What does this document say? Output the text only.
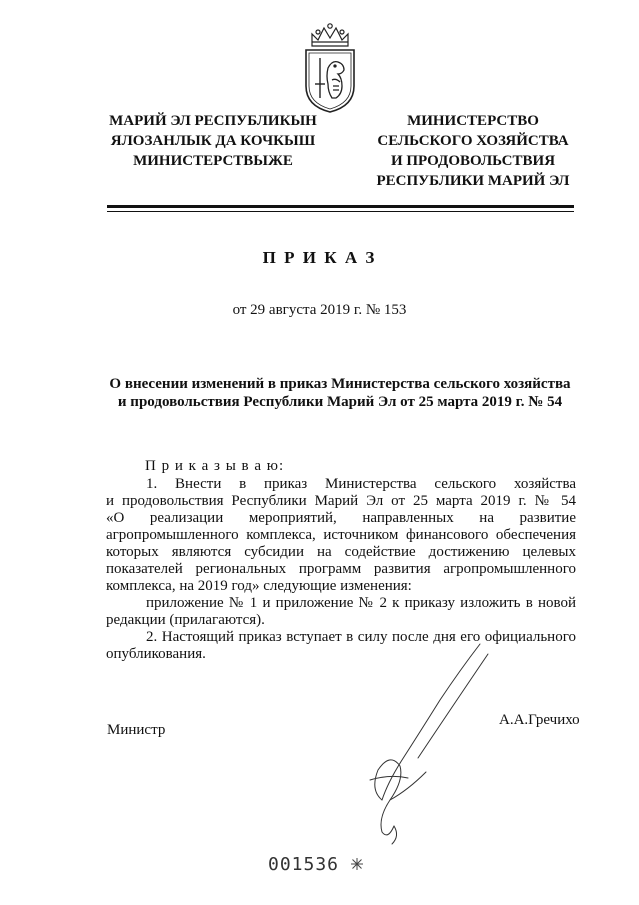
МАРИЙ ЭЛ РЕСПУБЛИКЫН
ЯЛОЗАНЛЫК ДА КОЧКЫШ
МИНИСТЕРСТВЫЖЕ
МИНИСТЕРСТВО
СЕЛЬСКОГО ХОЗЯЙСТВА
И ПРОДОВОЛЬСТВИЯ
РЕСПУБЛИКИ МАРИЙ ЭЛ
П Р И К А З
от 29 августа 2019 г. № 153
О внесении изменений в приказ Министерства сельского хозяйства
и продовольствия Республики Марий Эл от 25 марта 2019 г. № 54
П р и к а з ы в а ю:
1. Внести в приказ Министерства сельского хозяйства
и продовольствия Республики Марий Эл от 25 марта 2019 г. № 54
«О реализации мероприятий, направленных на развитие
агропромышленного комплекса, источником финансового обеспечения
которых являются субсидии на содействие достижению целевых
показателей региональных программ развития агропромышленного
комплекса, на 2019 год» следующие изменения:
приложение № 1 и приложение № 2 к приказу изложить в новой
редакции (прилагаются).
2. Настоящий приказ вступает в силу после дня его официального
опубликования.
Министр
А.А.Гречихо
001536
